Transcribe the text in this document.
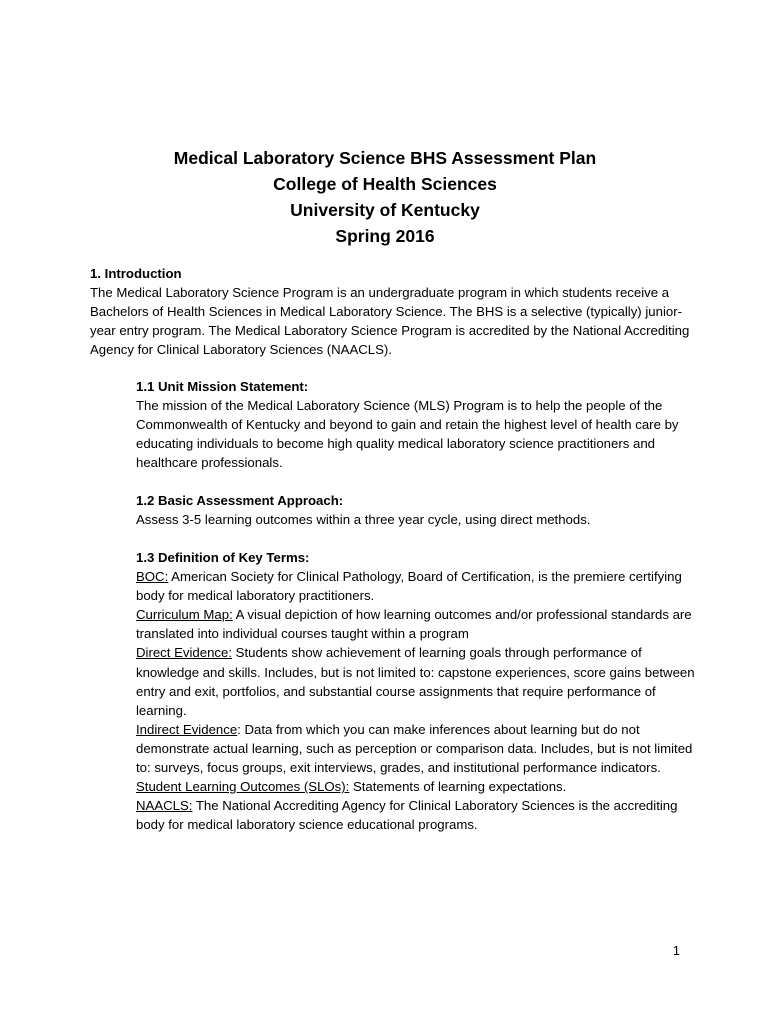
Medical Laboratory Science BHS Assessment Plan
College of Health Sciences
University of Kentucky
Spring 2016
1. Introduction
The Medical Laboratory Science Program is an undergraduate program in which students receive a Bachelors of Health Sciences in Medical Laboratory Science. The BHS is a selective (typically) junior-year entry program. The Medical Laboratory Science Program is accredited by the National Accrediting Agency for Clinical Laboratory Sciences (NAACLS).
1.1 Unit Mission Statement:
The mission of the Medical Laboratory Science (MLS) Program is to help the people of the Commonwealth of Kentucky and beyond to gain and retain the highest level of health care by educating individuals to become high quality medical laboratory science practitioners and healthcare professionals.
1.2 Basic Assessment Approach:
Assess 3-5 learning outcomes within a three year cycle, using direct methods.
1.3 Definition of Key Terms:
BOC: American Society for Clinical Pathology, Board of Certification, is the premiere certifying body for medical laboratory practitioners.
Curriculum Map: A visual depiction of how learning outcomes and/or professional standards are translated into individual courses taught within a program
Direct Evidence: Students show achievement of learning goals through performance of knowledge and skills. Includes, but is not limited to: capstone experiences, score gains between entry and exit, portfolios, and substantial course assignments that require performance of learning.
Indirect Evidence: Data from which you can make inferences about learning but do not demonstrate actual learning, such as perception or comparison data. Includes, but is not limited to: surveys, focus groups, exit interviews, grades, and institutional performance indicators.
Student Learning Outcomes (SLOs): Statements of learning expectations.
NAACLS: The National Accrediting Agency for Clinical Laboratory Sciences is the accrediting body for medical laboratory science educational programs.
1
